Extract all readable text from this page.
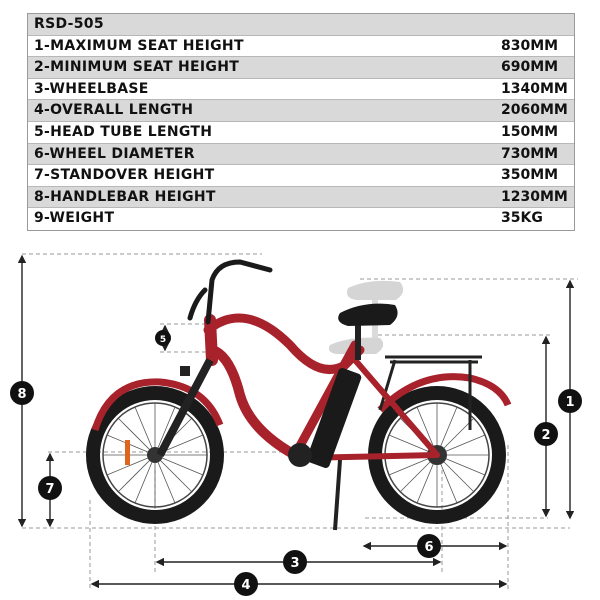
RSD-505
1-MAXIMUM SEAT HEIGHT	830MM
2-MINIMUM SEAT HEIGHT	690MM
3-WHEELBASE	1340MM
4-OVERALL LENGTH	2060MM
5-HEAD TUBE LENGTH	150MM
6-WHEEL DIAMETER	730MM
7-STANDOVER HEIGHT	350MM
8-HANDLEBAR HEIGHT	1230MM
9-WEIGHT	35KG
1
2
3
4
5
6
7
8
